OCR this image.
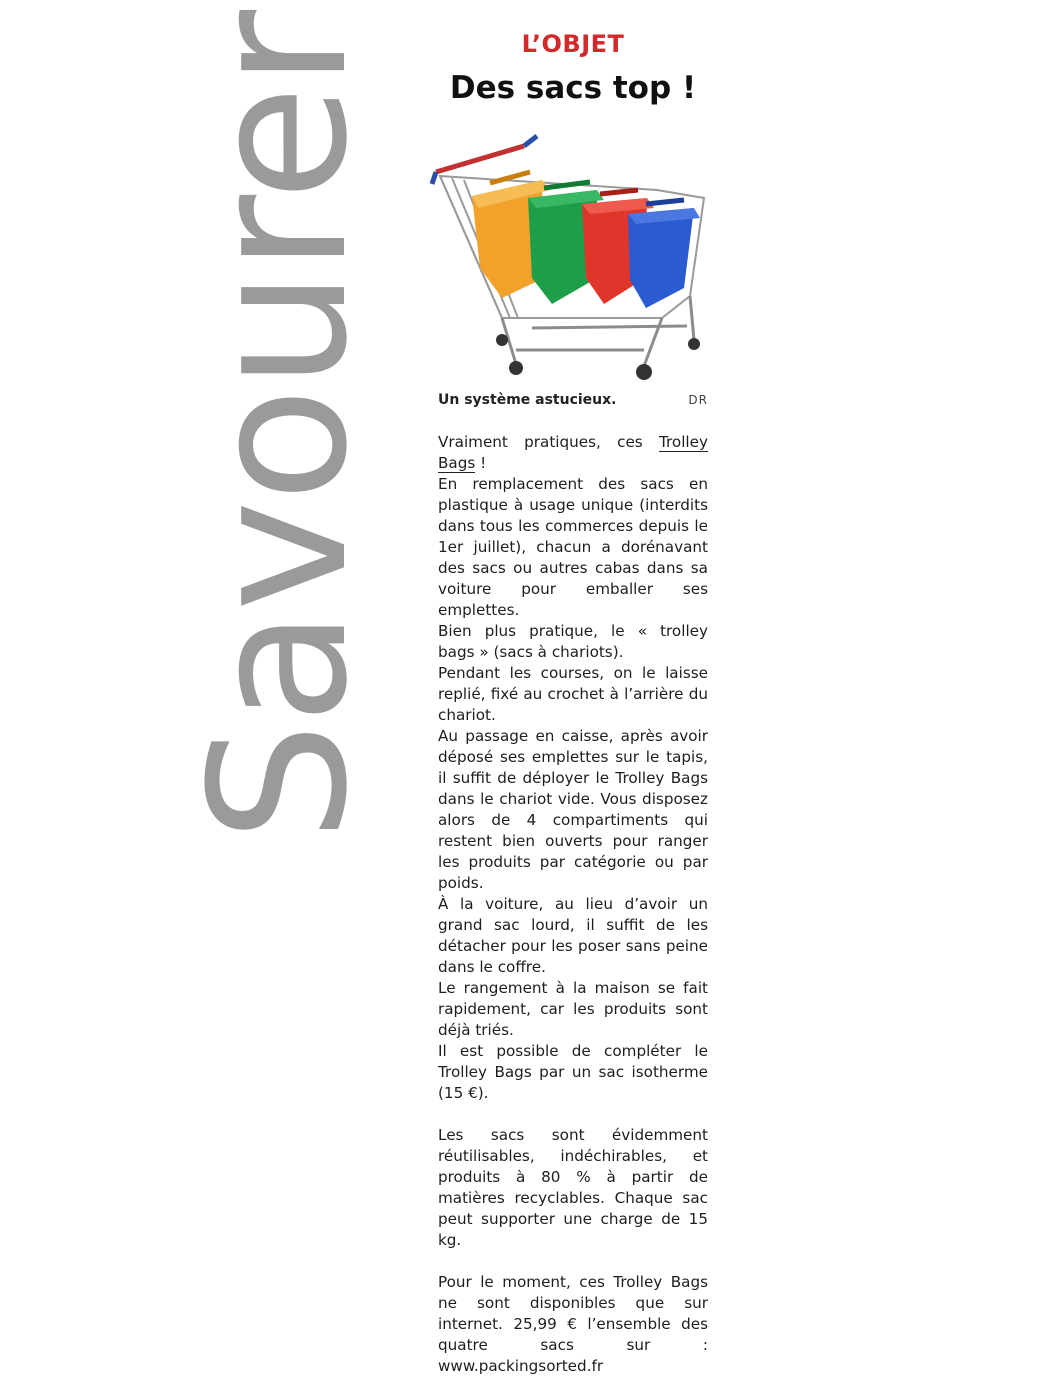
Savourer	L’OBJET
Des sacs top !
Un système astucieux.	DR

Vraiment pratiques, ces Trolley Bags !

En remplacement des sacs en plastique à usage unique (interdits dans tous les commerces depuis le 1er juillet), chacun a dorénavant des sacs ou autres cabas dans sa voiture pour emballer ses emplettes.

Bien plus pratique, le « trolley bags » (sacs à chariots).

Pendant les courses, on le laisse replié, fixé au crochet à l’arrière du chariot.

Au passage en caisse, après avoir déposé ses emplettes sur le tapis, il suffit de déployer le Trolley Bags dans le chariot vide. Vous disposez alors de 4 compartiments qui restent bien ouverts pour ranger les produits par catégorie ou par poids.

À la voiture, au lieu d’avoir un grand sac lourd, il suffit de les détacher pour les poser sans peine dans le coffre.

Le rangement à la maison se fait rapidement, car les produits sont déjà triés.

Il est possible de compléter le Trolley Bags par un sac isotherme (15 €).

Les sacs sont évidemment réutilisables, indéchirables, et produits à 80 % à partir de matières recyclables. Chaque sac peut supporter une charge de 15 kg.

Pour le moment, ces Trolley Bags ne sont disponibles que sur internet. 25,99 € l’ensemble des quatre sacs sur : www.packingsorted.fr
